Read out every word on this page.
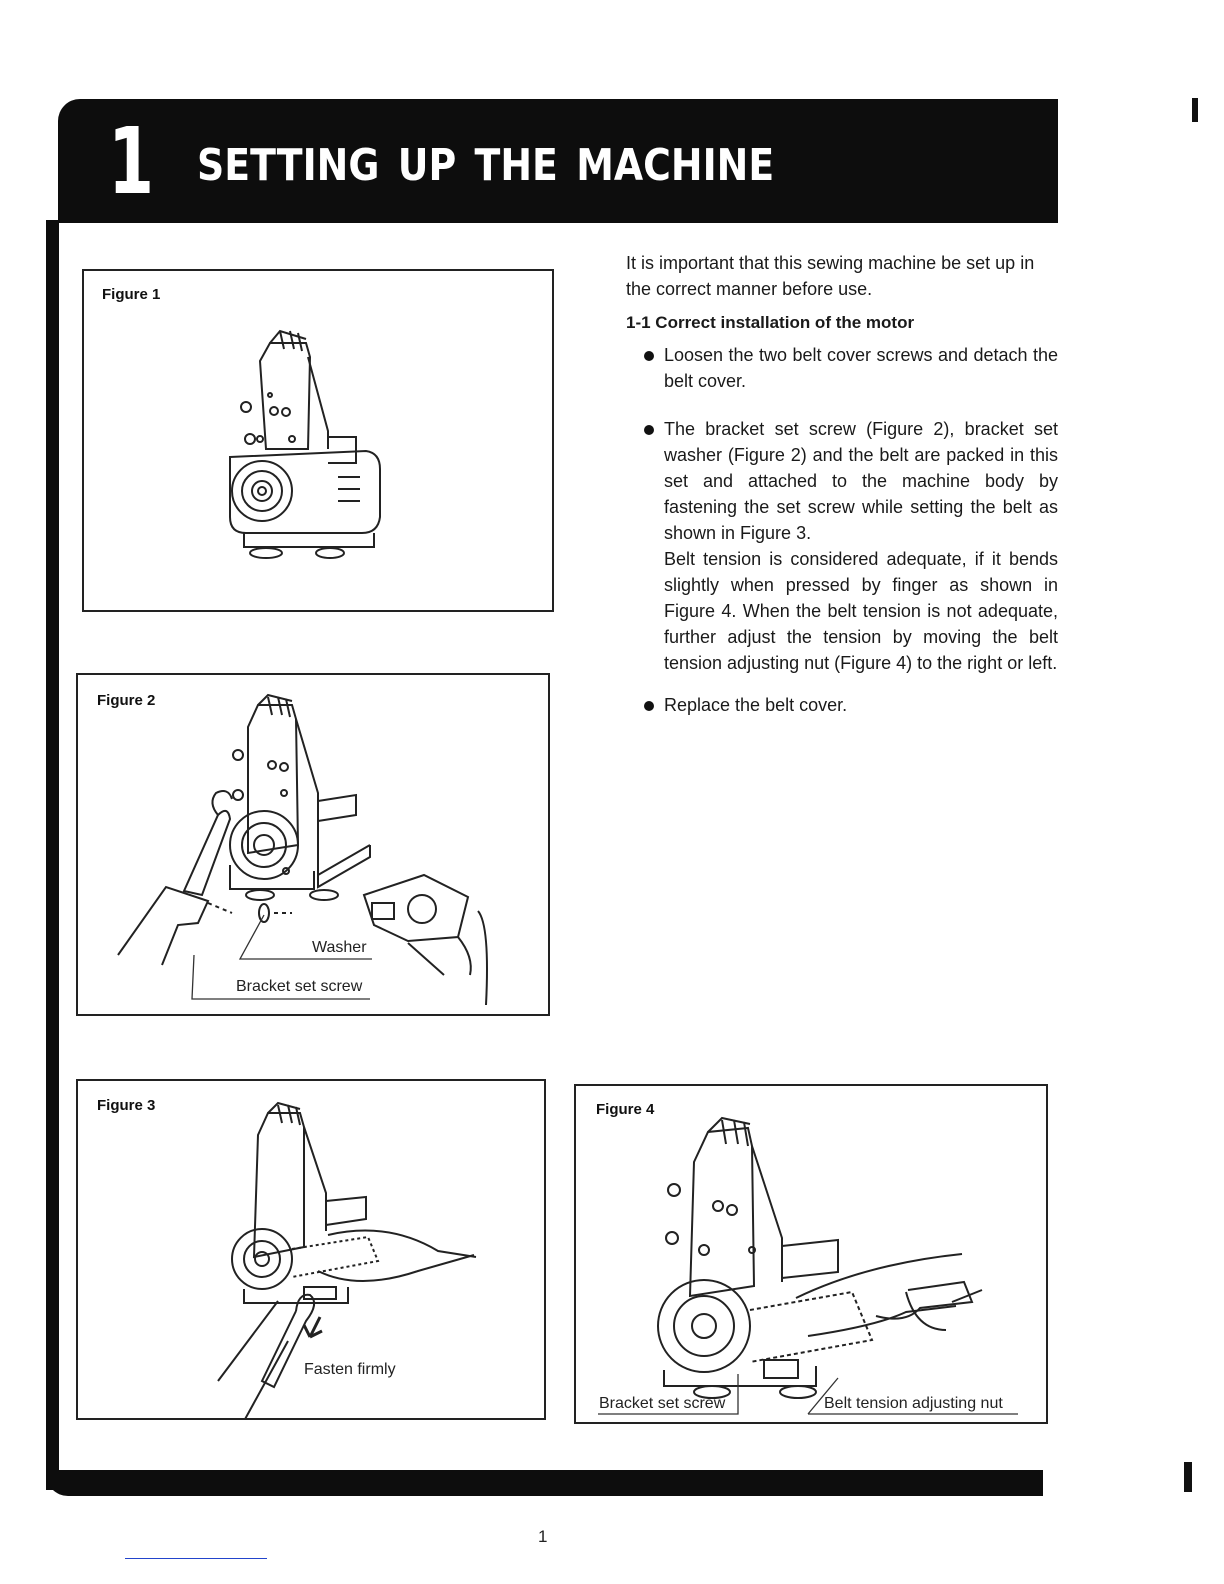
1 SETTING UP THE MACHINE
Figure 1
Figure 2
Washer
Bracket set screw
Figure 3
Fasten firmly
Figure 4
Bracket set screw	Belt tension adjusting nut

It is important that this sewing machine be set up in the correct manner before use.

1-1 Correct installation of the motor

Loosen the two belt cover screws and detach the belt cover.

The bracket set screw (Figure 2), bracket set washer (Figure 2) and the belt are packed in this set and attached to the machine body by fastening the set screw while setting the belt as shown in Figure 3.

Belt tension is considered adequate, if it bends slightly when pressed by finger as shown in Figure 4. When the belt tension is not adequate, further adjust the tension by moving the belt tension adjusting nut (Figure 4) to the right or left.

Replace the belt cover.

1
